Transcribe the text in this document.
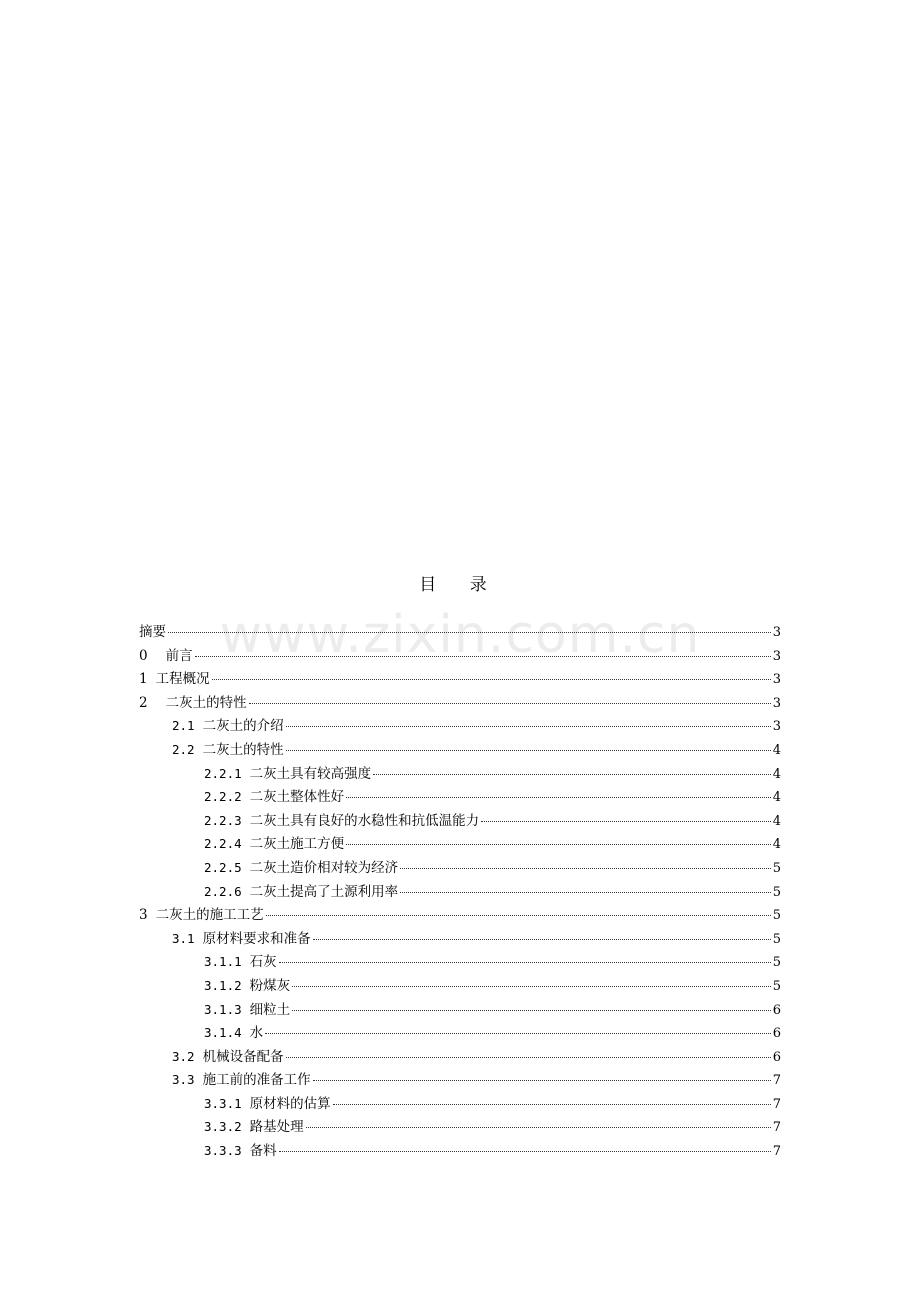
www.zixin.com.cn
目 录
摘要	3
0 前言	3
1 工程概况	3
2 二灰土的特性	3
2.1 二灰土的介绍	3
2.2 二灰土的特性	4
2.2.1 二灰土具有较高强度	4
2.2.2 二灰土整体性好	4
2.2.3 二灰土具有良好的水稳性和抗低温能力	4
2.2.4 二灰土施工方便	4
2.2.5 二灰土造价相对较为经济	5
2.2.6 二灰土提高了土源利用率	5
3 二灰土的施工工艺	5
3.1 原材料要求和准备	5
3.1.1 石灰	5
3.1.2 粉煤灰	5
3.1.3 细粒土	6
3.1.4 水	6
3.2 机械设备配备	6
3.3 施工前的准备工作	7
3.3.1 原材料的估算	7
3.3.2 路基处理	7
3.3.3 备料	7
